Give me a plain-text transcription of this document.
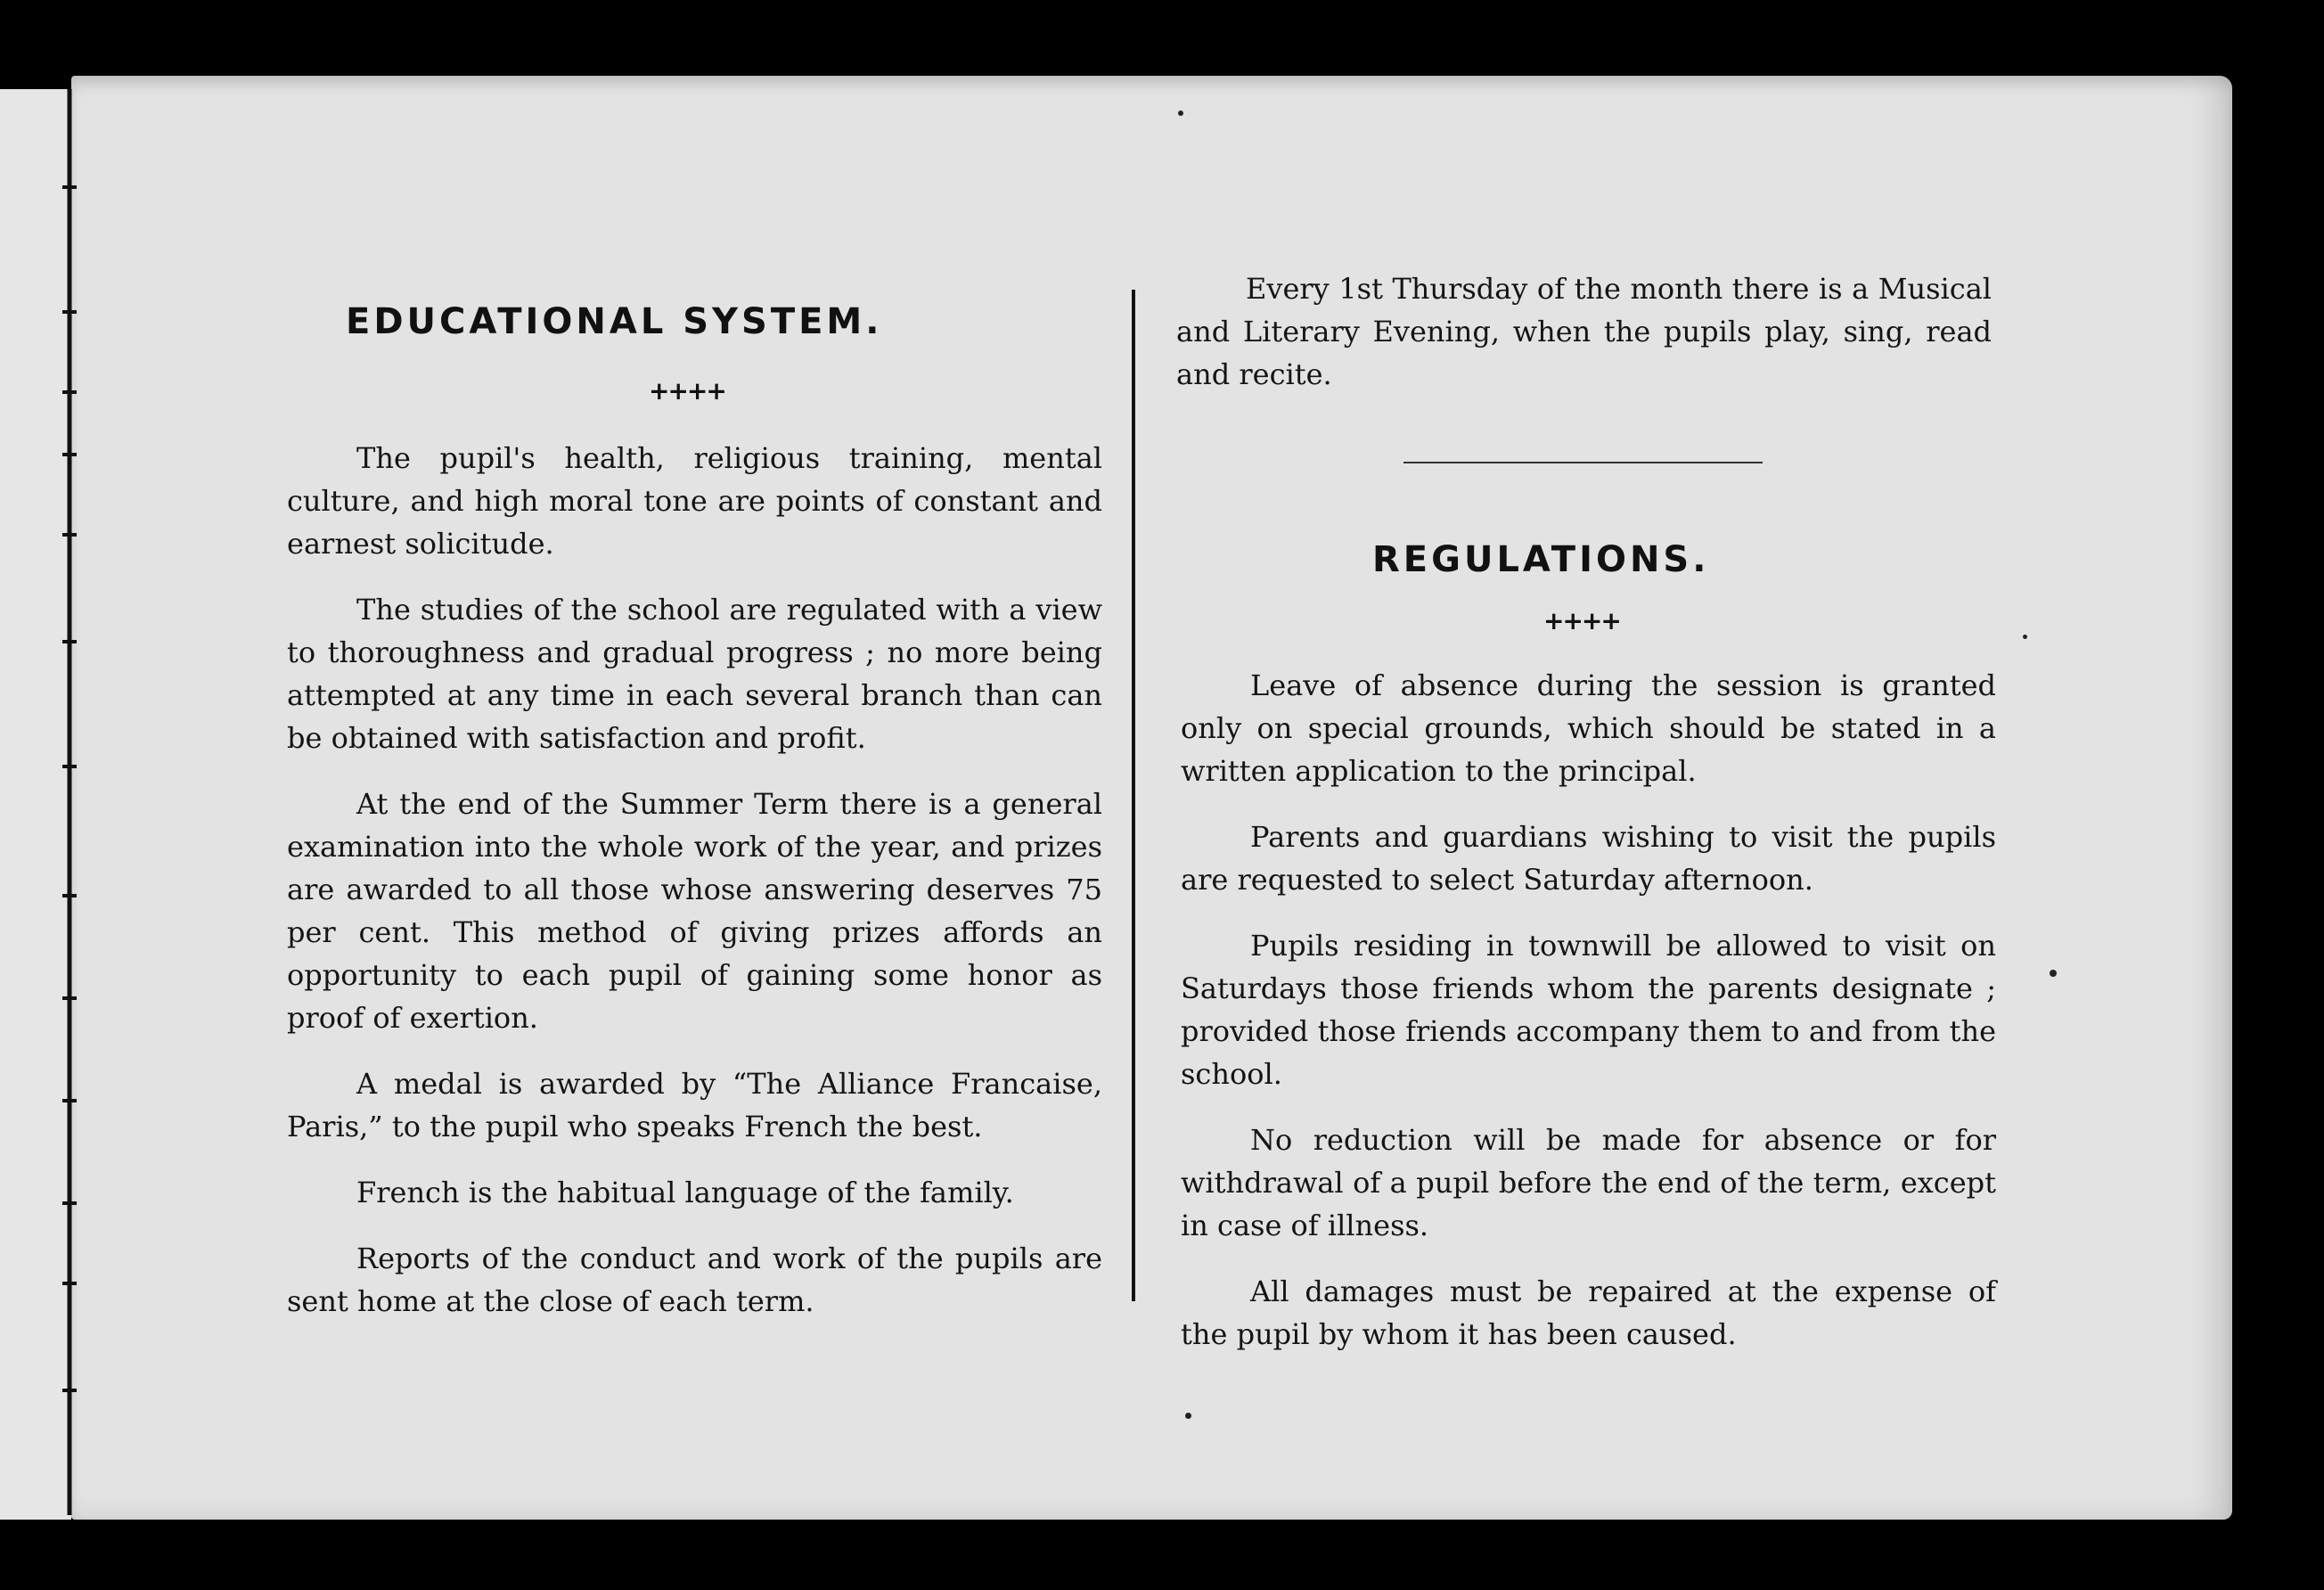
EDUCATIONAL SYSTEM.
++++

The pupil's health, religious training, mental culture, and high moral tone are points of constant and earnest solicitude.

The studies of the school are regulated with a view to thoroughness and gradual progress ; no more being attempted at any time in each several branch than can be obtained with satisfaction and profit.

At the end of the Summer Term there is a general examination into the whole work of the year, and prizes are awarded to all those whose answering deserves 75 per cent. This method of giving prizes affords an opportunity to each pupil of gaining some honor as proof of exertion.

A medal is awarded by “The Alliance Francaise, Paris,” to the pupil who speaks French the best.

French is the habitual language of the family.

Reports of the conduct and work of the pupils are sent home at the close of each term.

Every 1st Thursday of the month there is a Musical and Literary Evening, when the pupils play, sing, read and recite.

REGULATIONS.
++++

Leave of absence during the session is granted only on special grounds, which should be stated in a written application to the principal.

Parents and guardians wishing to visit the pupils are requested to select Saturday afternoon.

Pupils residing in townwill be allowed to visit on Saturdays those friends whom the parents designate ; provided those friends accompany them to and from the school.

No reduction will be made for absence or for withdrawal of a pupil before the end of the term, except in case of illness.

All damages must be repaired at the expense of the pupil by whom it has been caused.
